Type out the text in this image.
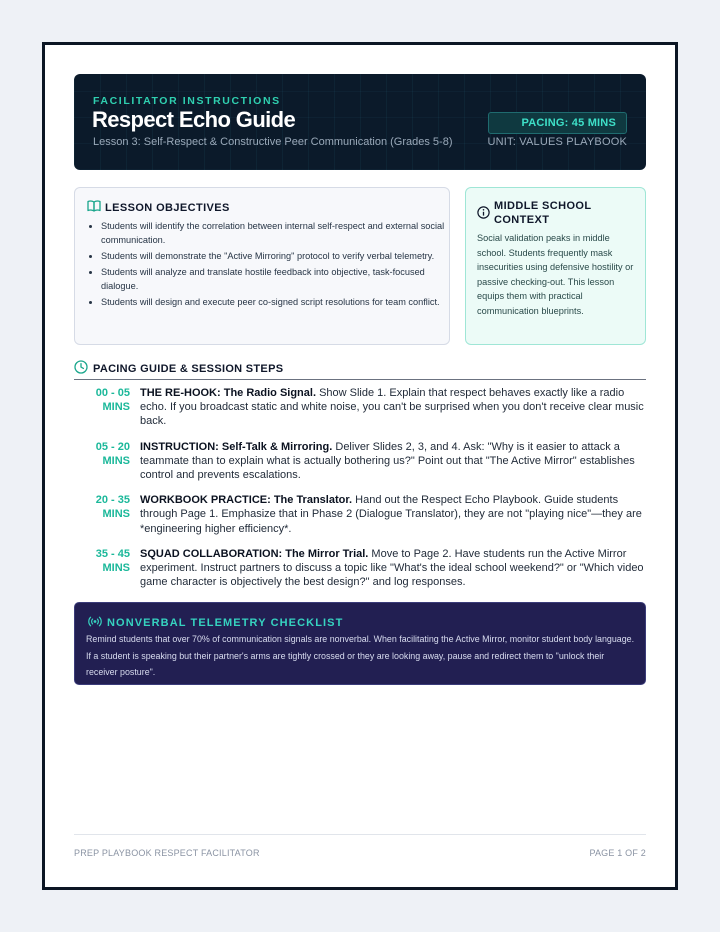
FACILITATOR INSTRUCTIONS
Respect Echo Guide
Lesson 3: Self-Respect & Constructive Peer Communication (Grades 5-8)
PACING: 45 MINS
UNIT: VALUES PLAYBOOK
LESSON OBJECTIVES
• Students will identify the correlation between internal self-respect and external social communication.
• Students will demonstrate the "Active Mirroring" protocol to verify verbal telemetry.
• Students will analyze and translate hostile feedback into objective, task-focused dialogue.
• Students will design and execute peer co-signed script resolutions for team conflict.
MIDDLE SCHOOL CONTEXT
Social validation peaks in middle school. Students frequently mask insecurities using defensive hostility or passive checking-out. This lesson equips them with practical communication blueprints.
PACING GUIDE & SESSION STEPS
00 - 05
MINS
THE RE-HOOK: The Radio Signal. Show Slide 1. Explain that respect behaves exactly like a radio echo. If you broadcast static and white noise, you can't be surprised when you don't receive clear music back.
05 - 20
MINS
INSTRUCTION: Self-Talk & Mirroring. Deliver Slides 2, 3, and 4. Ask: "Why is it easier to attack a teammate than to explain what is actually bothering us?" Point out that "The Active Mirror" establishes control and prevents escalations.
20 - 35
MINS
WORKBOOK PRACTICE: The Translator. Hand out the Respect Echo Playbook. Guide students through Page 1. Emphasize that in Phase 2 (Dialogue Translator), they are not "playing nice"—they are *engineering higher efficiency*.
35 - 45
MINS
SQUAD COLLABORATION: The Mirror Trial. Move to Page 2. Have students run the Active Mirror experiment. Instruct partners to discuss a topic like "What's the ideal school weekend?" or "Which video game character is objectively the best design?" and log responses.
NONVERBAL TELEMETRY CHECKLIST
Remind students that over 70% of communication signals are nonverbal. When facilitating the Active Mirror, monitor student body language. If a student is speaking but their partner's arms are tightly crossed or they are looking away, pause and redirect them to "unlock their receiver posture".
PREP PLAYBOOK RESPECT FACILITATOR	PAGE 1 OF 2
